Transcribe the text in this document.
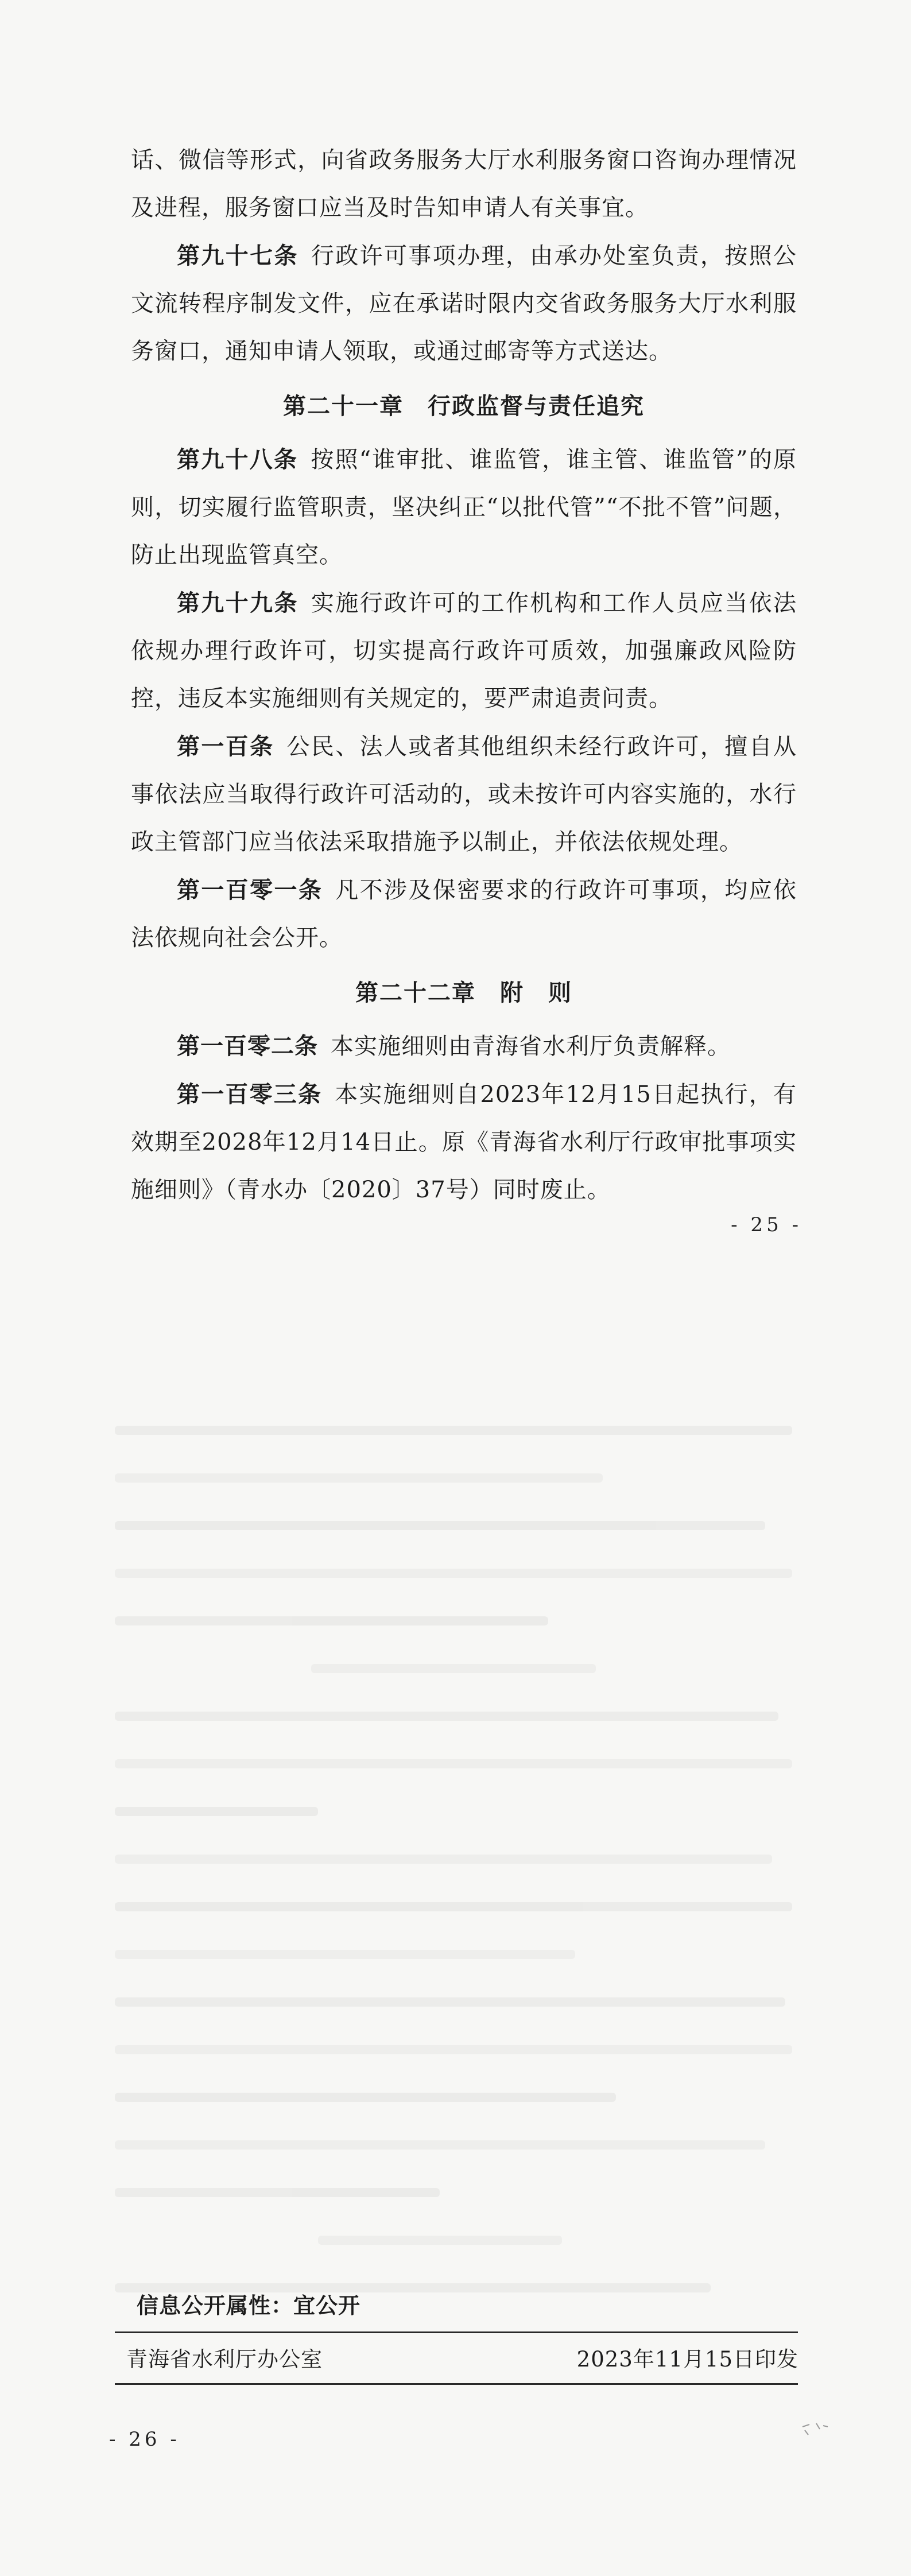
话、微信等形式，向省政务服务大厅水利服务窗口咨询办理情况及进程，服务窗口应当及时告知申请人有关事宜。

第九十七条 行政许可事项办理，由承办处室负责，按照公文流转程序制发文件，应在承诺时限内交省政务服务大厅水利服务窗口，通知申请人领取，或通过邮寄等方式送达。

第二十一章　行政监督与责任追究

第九十八条 按照“谁审批、谁监管，谁主管、谁监管”的原则，切实履行监管职责，坚决纠正“以批代管”“不批不管”问题，防止出现监管真空。

第九十九条 实施行政许可的工作机构和工作人员应当依法依规办理行政许可，切实提高行政许可质效，加强廉政风险防控，违反本实施细则有关规定的，要严肃追责问责。

第一百条 公民、法人或者其他组织未经行政许可，擅自从事依法应当取得行政许可活动的，或未按许可内容实施的，水行政主管部门应当依法采取措施予以制止，并依法依规处理。

第一百零一条 凡不涉及保密要求的行政许可事项，均应依法依规向社会公开。

第二十二章　附　则

第一百零二条 本实施细则由青海省水利厅负责解释。

第一百零三条 本实施细则自2023年12月15日起执行，有效期至2028年12月14日止。原《青海省水利厅行政审批事项实施细则》（青水办〔2020〕37号）同时废止。

- 25 -
信息公开属性：宜公开
青海省水利厅办公室	2023年11月15日印发
- 26 -
